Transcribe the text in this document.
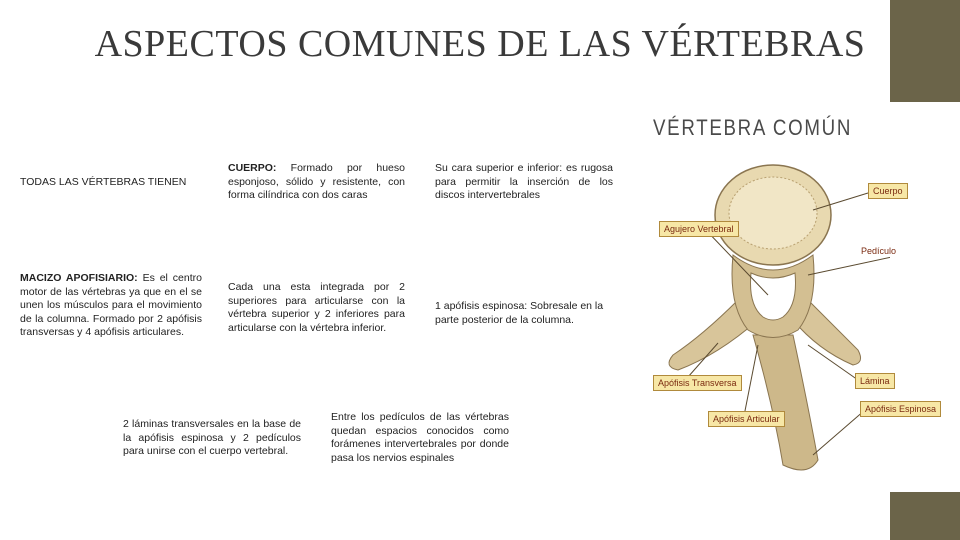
ASPECTOS COMUNES DE LAS VÉRTEBRAS
TODAS LAS VÉRTEBRAS TIENEN
MACIZO APOFISIARIO: Es el centro motor de las vértebras ya que en el se unen los músculos para el movimiento de la columna. Formado por 2 apófisis transversas y 4 apófisis articulares.
CUERPO: Formado por hueso esponjoso, sólido y resistente, con forma cilíndrica con dos caras
Cada una esta integrada por 2 superiores para articularse con la vértebra superior y 2 inferiores para articularse con la vértebra inferior.
Su cara superior e inferior: es rugosa para permitir la inserción de los discos intervertebrales
1 apófisis espinosa: Sobresale en la parte posterior de la columna.
2 láminas transversales en la base de la apófisis espinosa y 2 pedículos para unirse con el cuerpo vertebral.
Entre los pedículos de las vértebras quedan espacios conocidos como forámenes intervertebrales por donde pasa los nervios espinales
VÉRTEBRA COMÚN
Cuerpo
Agujero Vertebral
Pedículo
Apófisis Transversa	Lámina
Apófisis Articular
Apófisis Espinosa
